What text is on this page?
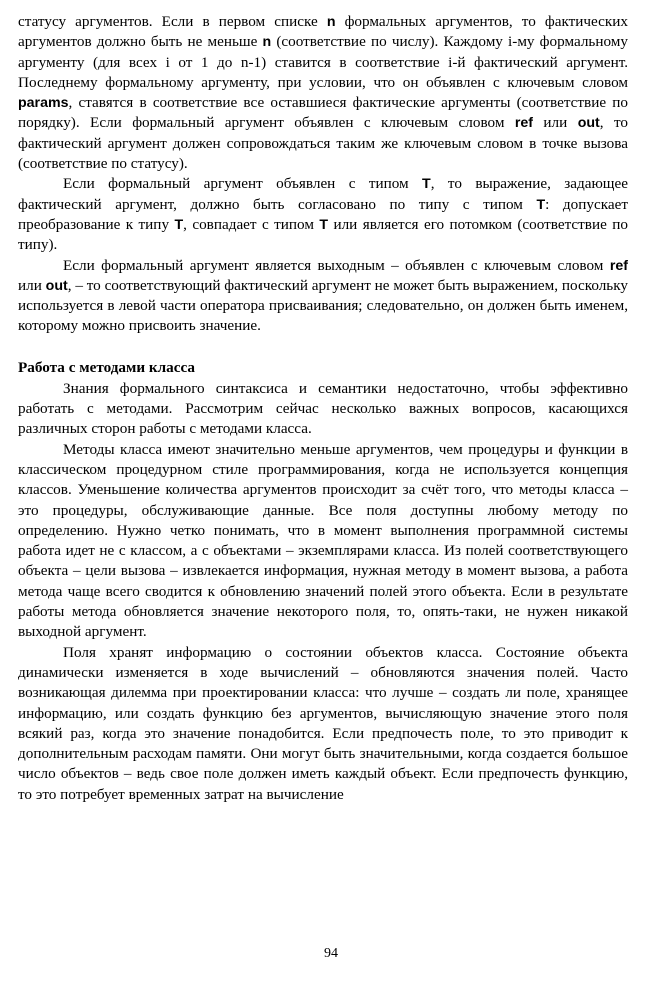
статусу аргументов. Если в первом списке n формальных аргументов, то фактических аргументов должно быть не меньше n (соответствие по числу). Каждому i-му формальному аргументу (для всех i от 1 до n-1) ставится в соответствие i-й фактический аргумент. Последнему формальному аргументу, при условии, что он объявлен с ключевым словом params, ставятся в соответствие все оставшиеся фактические аргументы (соответствие по порядку). Если формальный аргумент объявлен с ключевым словом ref или out, то фактический аргумент должен сопровождаться таким же ключевым словом в точке вызова (соответствие по статусу).

Если формальный аргумент объявлен с типом T, то выражение, задающее фактический аргумент, должно быть согласовано по типу с типом T: допускает преобразование к типу T, совпадает с типом T или является его потомком (соответствие по типу).

Если формальный аргумент является выходным – объявлен с ключевым словом ref или out, – то соответствующий фактический аргумент не может быть выражением, поскольку используется в левой части оператора присваивания; следовательно, он должен быть именем, которому можно присвоить значение.

Работа с методами класса

Знания формального синтаксиса и семантики недостаточно, чтобы эффективно работать с методами. Рассмотрим сейчас несколько важных вопросов, касающихся различных сторон работы с методами класса.

Методы класса имеют значительно меньше аргументов, чем процедуры и функции в классическом процедурном стиле программирования, когда не используется концепция классов. Уменьшение количества аргументов происходит за счёт того, что методы класса – это процедуры, обслуживающие данные. Все поля доступны любому методу по определению. Нужно четко понимать, что в момент выполнения программной системы работа идет не с классом, а с объектами – экземплярами класса. Из полей соответствующего объекта – цели вызова – извлекается информация, нужная методу в момент вызова, а работа метода чаще всего сводится к обновлению значений полей этого объекта. Если в результате работы метода обновляется значение некоторого поля, то, опять-таки, не нужен никакой выходной аргумент.

Поля хранят информацию о состоянии объектов класса. Состояние объекта динамически изменяется в ходе вычислений – обновляются значения полей. Часто возникающая дилемма при проектировании класса: что лучше – создать ли поле, хранящее информацию, или создать функцию без аргументов, вычисляющую значение этого поля всякий раз, когда это значение понадобится. Если предпочесть поле, то это приводит к дополнительным расходам памяти. Они могут быть значительными, когда создается большое число объектов – ведь свое поле должен иметь каждый объект. Если предпочесть функцию, то это потребует временных затрат на вычисление

94
